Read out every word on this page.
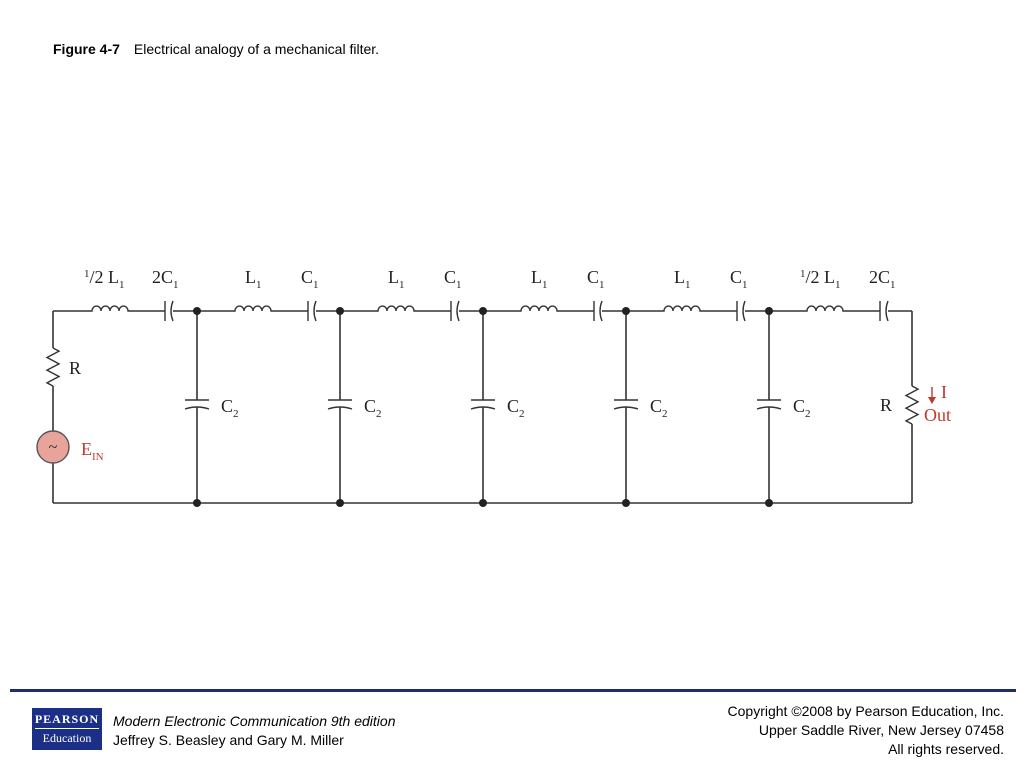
Figure 4-7 Electrical analogy of a mechanical filter.
~
$^1$/2 $L_1$ $2C_1$	$L_1$ $C_1$	$L_1$ $C_1$	$L_1$ $C_1$	$L_1$ $C_1$
$^1$/2 $L_1$ $2C_1$
$C_2$	$C_2$	$C_2$	$C_2$	$C_2$
R
R
$E_{IN}$
I
Out
PEARSON
Education
Modern Electronic Communication 9th edition
Jeffrey S. Beasley and Gary M. Miller
Copyright ©2008 by Pearson Education, Inc.
Upper Saddle River, New Jersey 07458
All rights reserved.
